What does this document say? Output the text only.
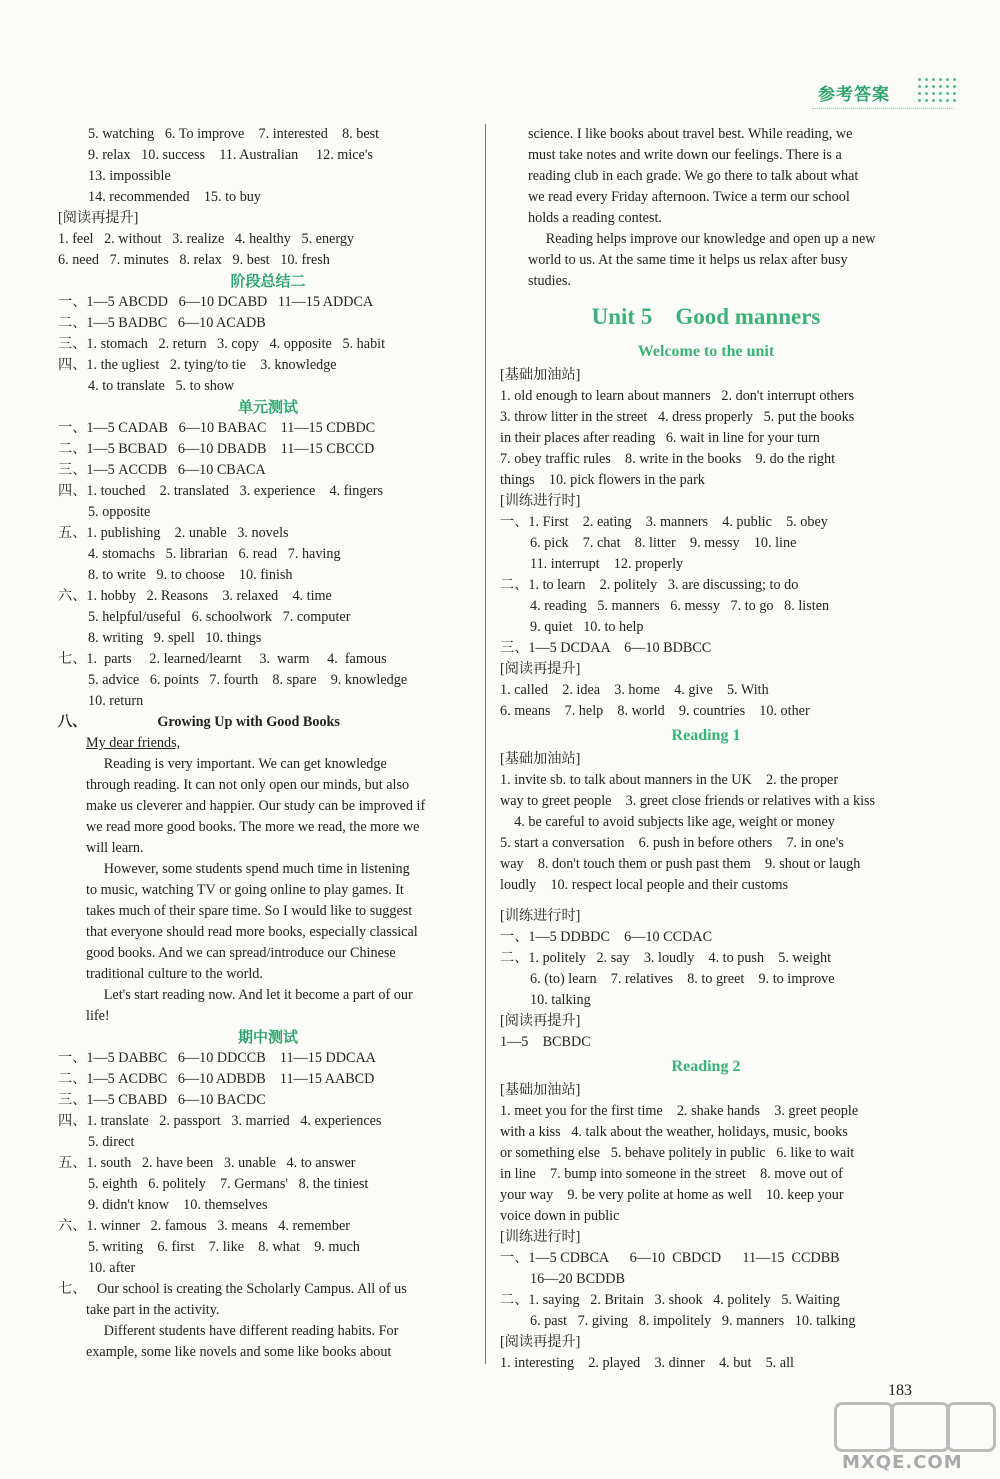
参考答案
5. watching   6. To improve    7. interested    8. best
9. relax   10. success    11. Australian     12. mice's
13. impossible
14. recommended    15. to buy
[阅读再提升]
1. feel   2. without   3. realize   4. healthy   5. energy
6. need   7. minutes   8. relax   9. best   10. fresh
阶段总结二
一、1—5 ABCDD   6—10 DCABD   11—15 ADDCA
二、1—5 BADBC   6—10 ACADB
三、1. stomach   2. return   3. copy   4. opposite   5. habit
四、1. the ugliest   2. tying/to tie    3. knowledge
4. to translate   5. to show
单元测试
一、1—5 CADAB   6—10 BABAC    11—15 CDBDC
二、1—5 BCBAD   6—10 DBADB    11—15 CBCCD
三、1—5 ACCDB   6—10 CBACA
四、1. touched    2. translated   3. experience    4. fingers
5. opposite
五、1. publishing    2. unable   3. novels
4. stomachs   5. librarian   6. read   7. having
8. to write   9. to choose    10. finish
六、1. hobby   2. Reasons    3. relaxed    4. time
5. helpful/useful   6. schoolwork   7. computer
8. writing   9. spell   10. things
七、1.  parts     2. learned/learnt     3.  warm     4.  famous
5. advice   6. points   7. fourth    8. spare    9. knowledge
10. return
八、                    Growing Up with Good Books
My dear friends,
Reading is very important. We can get knowledge
through reading. It can not only open our minds, but also
make us cleverer and happier. Our study can be improved if
we read more good books. The more we read, the more we
will learn.
However, some students spend much time in listening
to music, watching TV or going online to play games. It
takes much of their spare time. So I would like to suggest
that everyone should read more books, especially classical
good books. And we can spread/introduce our Chinese
traditional culture to the world.
Let's start reading now. And let it become a part of our
life!
期中测试
一、1—5 DABBC   6—10 DDCCB    11—15 DDCAA
二、1—5 ACDBC   6—10 ADBDB    11—15 AABCD
三、1—5 CBABD   6—10 BACDC
四、1. translate   2. passport   3. married   4. experiences
5. direct
五、1. south   2. have been   3. unable   4. to answer
5. eighth   6. politely    7. Germans'   8. the tiniest
9. didn't know    10. themselves
六、1. winner   2. famous   3. means   4. remember
5. writing    6. first    7. like    8. what    9. much
10. after
七、   Our school is creating the Scholarly Campus. All of us
take part in the activity.
Different students have different reading habits. For
example, some like novels and some like books about
science. I like books about travel best. While reading, we
must take notes and write down our feelings. There is a
reading club in each grade. We go there to talk about what
we read every Friday afternoon. Twice a term our school
holds a reading contest.
Reading helps improve our knowledge and open up a new
world to us. At the same time it helps us relax after busy
studies.
Unit 5    Good manners
Welcome to the unit
[基础加油站]
1. old enough to learn about manners   2. don't interrupt others
3. throw litter in the street   4. dress properly   5. put the books
in their places after reading   6. wait in line for your turn
7. obey traffic rules    8. write in the books    9. do the right
things    10. pick flowers in the park
[训练进行时]
一、1. First    2. eating    3. manners    4. public    5. obey
6. pick    7. chat    8. litter    9. messy    10. line
11. interrupt    12. properly
二、1. to learn    2. politely   3. are discussing; to do
4. reading   5. manners   6. messy   7. to go   8. listen
9. quiet   10. to help
三、1—5 DCDAA    6—10 BDBCC
[阅读再提升]
1. called    2. idea    3. home    4. give    5. With
6. means    7. help    8. world    9. countries    10. other
Reading 1
[基础加油站]
1. invite sb. to talk about manners in the UK    2. the proper
way to greet people    3. greet close friends or relatives with a kiss
4. be careful to avoid subjects like age, weight or money
5. start a conversation    6. push in before others    7. in one's
way    8. don't touch them or push past them    9. shout or laugh
loudly    10. respect local people and their customs
[训练进行时]
一、1—5 DDBDC    6—10 CCDAC
二、1. politely   2. say    3. loudly    4. to push    5. weight
6. (to) learn    7. relatives    8. to greet    9. to improve
10. talking
[阅读再提升]
1—5    BCBDC
Reading 2
[基础加油站]
1. meet you for the first time    2. shake hands    3. greet people
with a kiss   4. talk about the weather, holidays, music, books
or something else   5. behave politely in public   6. like to wait
in line    7. bump into someone in the street    8. move out of
your way    9. be very polite at home as well    10. keep your
voice down in public
[训练进行时]
一、1—5 CDBCA      6—10  CBDCD      11—15  CCDBB
16—20 BCDDB
二、1. saying   2. Britain   3. shook   4. politely   5. Waiting
6. past   7. giving   8. impolitely   9. manners   10. talking
[阅读再提升]
1. interesting    2. played    3. dinner    4. but    5. all
183
MXQE.COM
